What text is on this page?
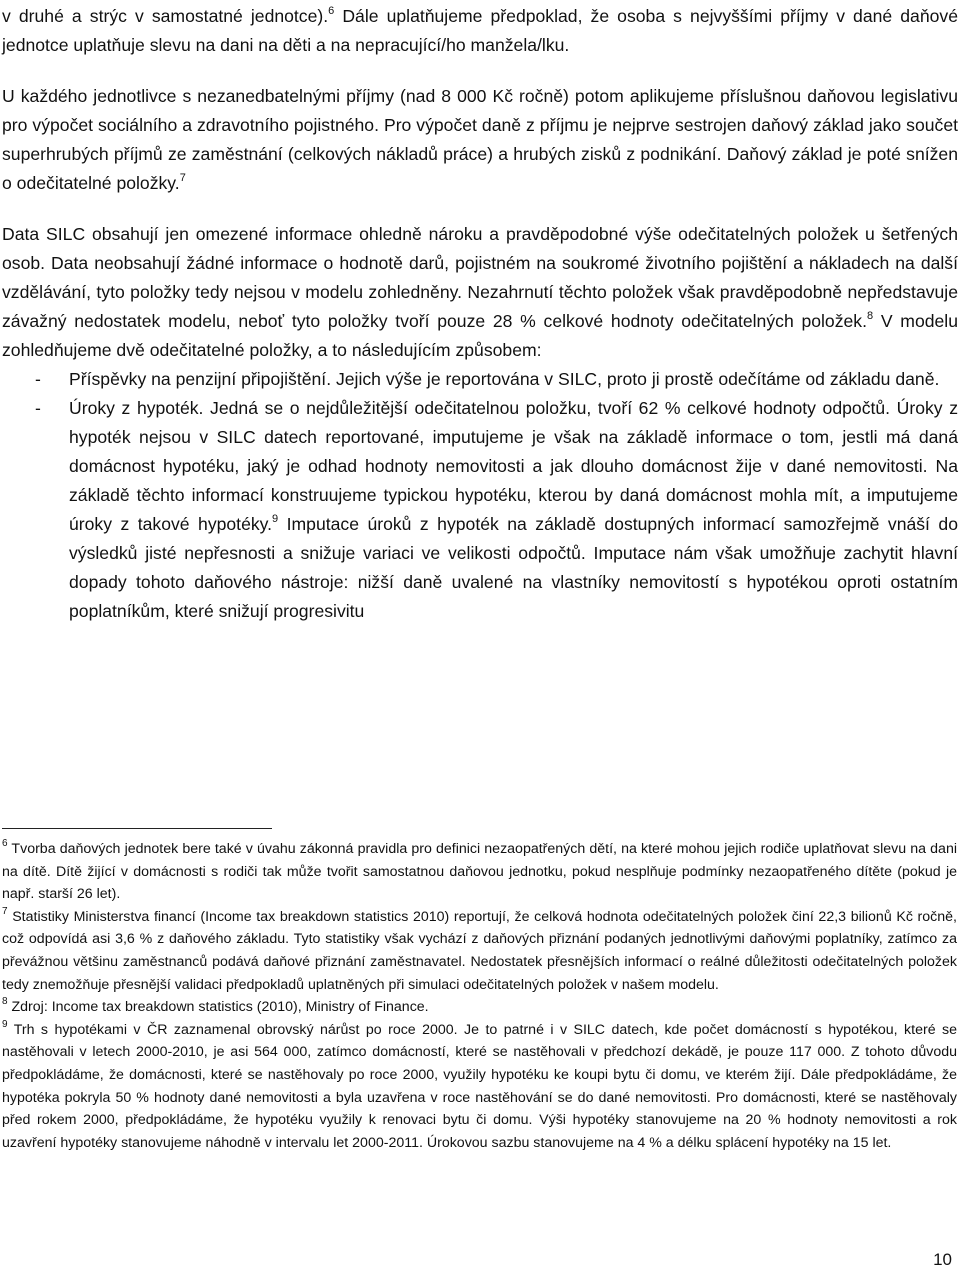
v druhé a strýc v samostatné jednotce).$^6$ Dále uplatňujeme předpoklad, že osoba s nejvyššími příjmy v dané daňové jednotce uplatňuje slevu na dani na děti a na nepracující/ho manžela/lku.

U každého jednotlivce s nezanedbatelnými příjmy (nad 8 000 Kč ročně) potom aplikujeme příslušnou daňovou legislativu pro výpočet sociálního a zdravotního pojistného. Pro výpočet daně z příjmu je nejprve sestrojen daňový základ jako součet superhrubých příjmů ze zaměstnání (celkových nákladů práce) a hrubých zisků z podnikání. Daňový základ je poté snížen o odečitatelné položky.$^7$

Data SILC obsahují jen omezené informace ohledně nároku a pravděpodobné výše odečitatelných položek u šetřených osob. Data neobsahují žádné informace o hodnotě darů, pojistném na soukromé životního pojištění a nákladech na další vzdělávání, tyto položky tedy nejsou v modelu zohledněny. Nezahrnutí těchto položek však pravděpodobně nepředstavuje závažný nedostatek modelu, neboť tyto položky tvoří pouze 28 % celkové hodnoty odečitatelných položek.$^8$ V modelu zohledňujeme dvě odečitatelné položky, a to následujícím způsobem:

- Příspěvky na penzijní připojištění. Jejich výše je reportována v SILC, proto ji prostě odečítáme od základu daně.

- Úroky z hypoték. Jedná se o nejdůležitější odečitatelnou položku, tvoří 62 % celkové hodnoty odpočtů. Úroky z hypoték nejsou v SILC datech reportované, imputujeme je však na základě informace o tom, jestli má daná domácnost hypotéku, jaký je odhad hodnoty nemovitosti a jak dlouho domácnost žije v dané nemovitosti. Na základě těchto informací konstruujeme typickou hypotéku, kterou by daná domácnost mohla mít, a imputujeme úroky z takové hypotéky.$^9$ Imputace úroků z hypoték na základě dostupných informací samozřejmě vnáší do výsledků jisté nepřesnosti a snižuje variaci ve velikosti odpočtů. Imputace nám však umožňuje zachytit hlavní dopady tohoto daňového nástroje: nižší daně uvalené na vlastníky nemovitostí s hypotékou oproti ostatním poplatníkům, které snižují progresivitu

$^6$ Tvorba daňových jednotek bere také v úvahu zákonná pravidla pro definici nezaopatřených dětí, na které mohou jejich rodiče uplatňovat slevu na dani na dítě. Dítě žijící v domácnosti s rodiči tak může tvořit samostatnou daňovou jednotku, pokud nesplňuje podmínky nezaopatřeného dítěte (pokud je např. starší 26 let).

$^7$ Statistiky Ministerstva financí (Income tax breakdown statistics 2010) reportují, že celková hodnota odečitatelných položek činí 22,3 bilionů Kč ročně, což odpovídá asi 3,6 % z daňového základu. Tyto statistiky však vychází z daňových přiznání podaných jednotlivými daňovými poplatníky, zatímco za převážnou většinu zaměstnanců podává daňové přiznání zaměstnavatel. Nedostatek přesnějších informací o reálné důležitosti odečitatelných položek tedy znemožňuje přesnější validaci předpokladů uplatněných při simulaci odečitatelných položek v našem modelu.

$^8$ Zdroj: Income tax breakdown statistics (2010), Ministry of Finance.

$^9$ Trh s hypotékami v ČR zaznamenal obrovský nárůst po roce 2000. Je to patrné i v SILC datech, kde počet domácností s hypotékou, které se nastěhovali v letech 2000-2010, je asi 564 000, zatímco domácností, které se nastěhovali v předchozí dekádě, je pouze 117 000. Z tohoto důvodu předpokládáme, že domácnosti, které se nastěhovaly po roce 2000, využily hypotéku ke koupi bytu či domu, ve kterém žijí. Dále předpokládáme, že hypotéka pokryla 50 % hodnoty dané nemovitosti a byla uzavřena v roce nastěhování se do dané nemovitosti. Pro domácnosti, které se nastěhovaly před rokem 2000, předpokládáme, že hypotéku využily k renovaci bytu či domu. Výši hypotéky stanovujeme na 20 % hodnoty nemovitosti a rok uzavření hypotéky stanovujeme náhodně v intervalu let 2000-2011. Úrokovou sazbu stanovujeme na 4 % a délku splácení hypotéky na 15 let.

10
